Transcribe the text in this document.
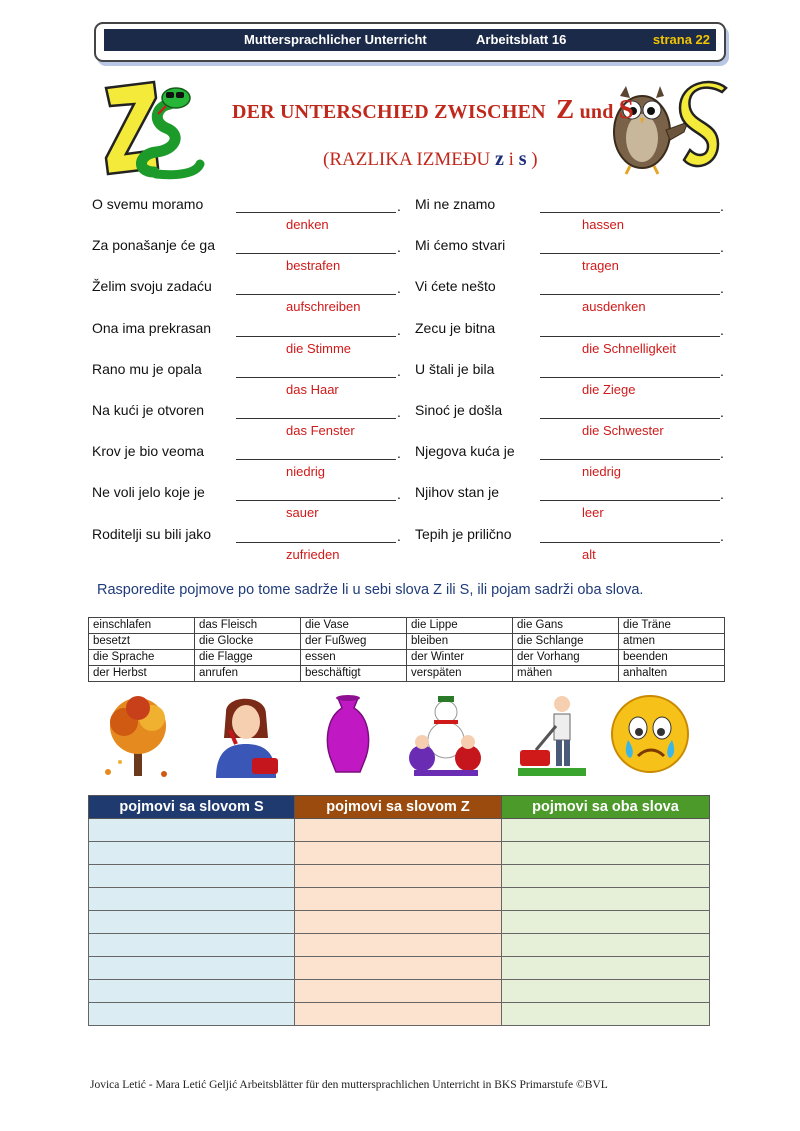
Muttersprachlicher Unterricht	Arbeitsblatt 16	strana 22
DER UNTERSCHIED ZWISCHEN Z und S
(RAZLIKA IZMEĐU z i s )
O svemu moramo	.
denken
Mi ne znamo	.
hassen
Za ponašanje će ga	.
bestrafen
Mi ćemo stvari	.
tragen
Želim svoju zadaću	.
aufschreiben
Vi ćete nešto	.
ausdenken
Ona ima prekrasan	.
die Stimme
Zecu je bitna	.
die Schnelligkeit
Rano mu je opala	.
das Haar
U štali je bila	.
die Ziege
Na kući je otvoren	.
das Fenster
Sinoć je došla	.
die Schwester
Krov je bio veoma	.
niedrig
Njegova kuća je	.
niedrig
Ne voli jelo koje je	.
sauer
Njihov stan je	.
leer
Roditelji su bili jako	.
zufrieden
Tepih je prilično	.
alt
Rasporedite pojmove po tome sadrže li u sebi slova Z ili S, ili pojam sadrži oba slova.
einschlafen	das Fleisch	die Vase	die Lippe	die Gans	die Träne
besetzt	die Glocke	der Fußweg	bleiben	die Schlange	atmen
die Sprache	die Flagge	essen	der Winter	der Vorhang	beenden
der Herbst	anrufen	beschäftigt	verspäten	mähen	anhalten
pojmovi sa slovom S	pojmovi sa slovom Z	pojmovi sa oba slova

Jovica Letić - Mara Letić Geljić Arbeitsblätter für den muttersprachlichen Unterricht in BKS Primarstufe ©BVL
